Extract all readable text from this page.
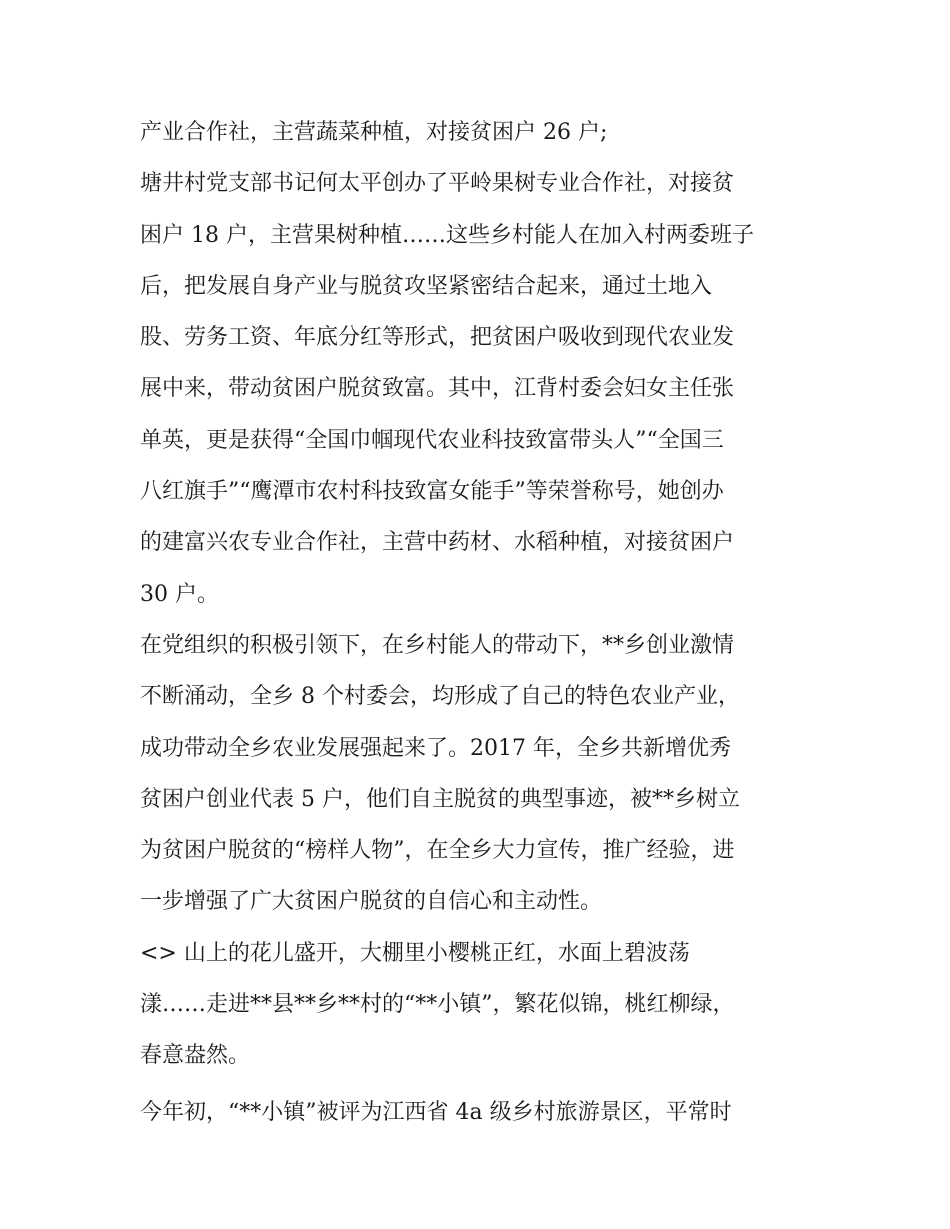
产业合作社，主营蔬菜种植，对接贫困户 26 户;
塘井村党支部书记何太平创办了平岭果树专业合作社，对接贫
困户 18 户，主营果树种植……这些乡村能人在加入村两委班子
后，把发展自身产业与脱贫攻坚紧密结合起来，通过土地入
股、劳务工资、年底分红等形式，把贫困户吸收到现代农业发
展中来，带动贫困户脱贫致富。其中，江背村委会妇女主任张
单英，更是获得“全国巾帼现代农业科技致富带头人”“全国三
八红旗手”“鹰潭市农村科技致富女能手”等荣誉称号，她创办
的建富兴农专业合作社，主营中药材、水稻种植，对接贫困户
30 户。
在党组织的积极引领下，在乡村能人的带动下，**乡创业激情
不断涌动，全乡 8 个村委会，均形成了自己的特色农业产业，
成功带动全乡农业发展强起来了。2017 年，全乡共新增优秀
贫困户创业代表 5 户，他们自主脱贫的典型事迹，被**乡树立
为贫困户脱贫的“榜样人物”，在全乡大力宣传，推广经验，进
一步增强了广大贫困户脱贫的自信心和主动性。
<> 山上的花儿盛开，大棚里小樱桃正红，水面上碧波荡
漾……走进**县**乡**村的“**小镇”，繁花似锦，桃红柳绿，
春意盎然。
今年初，“**小镇”被评为江西省 4a 级乡村旅游景区，平常时
